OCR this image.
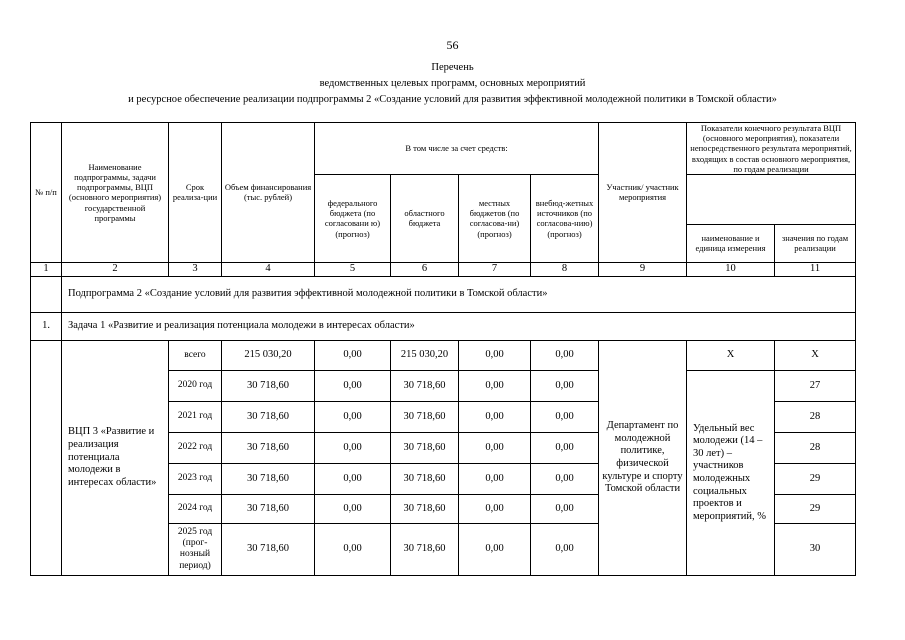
56
Перечень
ведомственных целевых программ, основных мероприятий
и ресурсное обеспечение реализации подпрограммы 2 «Создание условий для развития эффективной молодежной политики в Томской области»
№ п/п	Наименование подпрограммы, задачи подпрограммы, ВЦП (основного мероприятия) государственной программы	Срок реализа-ции	Объем финансирования (тыс. рублей)	В том числе за счет средств:				Участник/ участник мероприятия	Показатели конечного результата ВЦП (основного мероприятия), показатели непосредственного результата мероприятий, входящих в состав основного мероприятия, по годам реализации	
				федерального бюджета (по согласовани ю) (прогноз)	областного бюджета	местных бюджетов (по согласова-ни) (прогноз)	внебюд-жетных источников (по согласова-нию) (прогноз)			
									наименование и единица измерения	значения по годам реализации
1	2	3	4	5	6	7	8	9	10	11
	Подпрограмма 2 «Создание условий для развития эффективной молодежной политики в Томской области»									
1.	Задача 1 «Развитие и реализация потенциала молодежи в интересах области»									
	ВЦП 3 «Развитие и реализация потенциала молодежи в интересах области»	всего	215 030,20	0,00	215 030,20	0,00	0,00	Департамент по молодежной политике, физической культуре и спорту Томской области	X	X
		2020 год	30 718,60	0,00	30 718,60	0,00	0,00		Удельный вес молодежи (14 – 30 лет) – участников молодежных социальных проектов и мероприятий, %	27
		2021 год	30 718,60	0,00	30 718,60	0,00	0,00			28
		2022 год	30 718,60	0,00	30 718,60	0,00	0,00			28
		2023 год	30 718,60	0,00	30 718,60	0,00	0,00			29
		2024 год	30 718,60	0,00	30 718,60	0,00	0,00			29
		2025 год (прог-нозный период)	30 718,60	0,00	30 718,60	0,00	0,00			30
